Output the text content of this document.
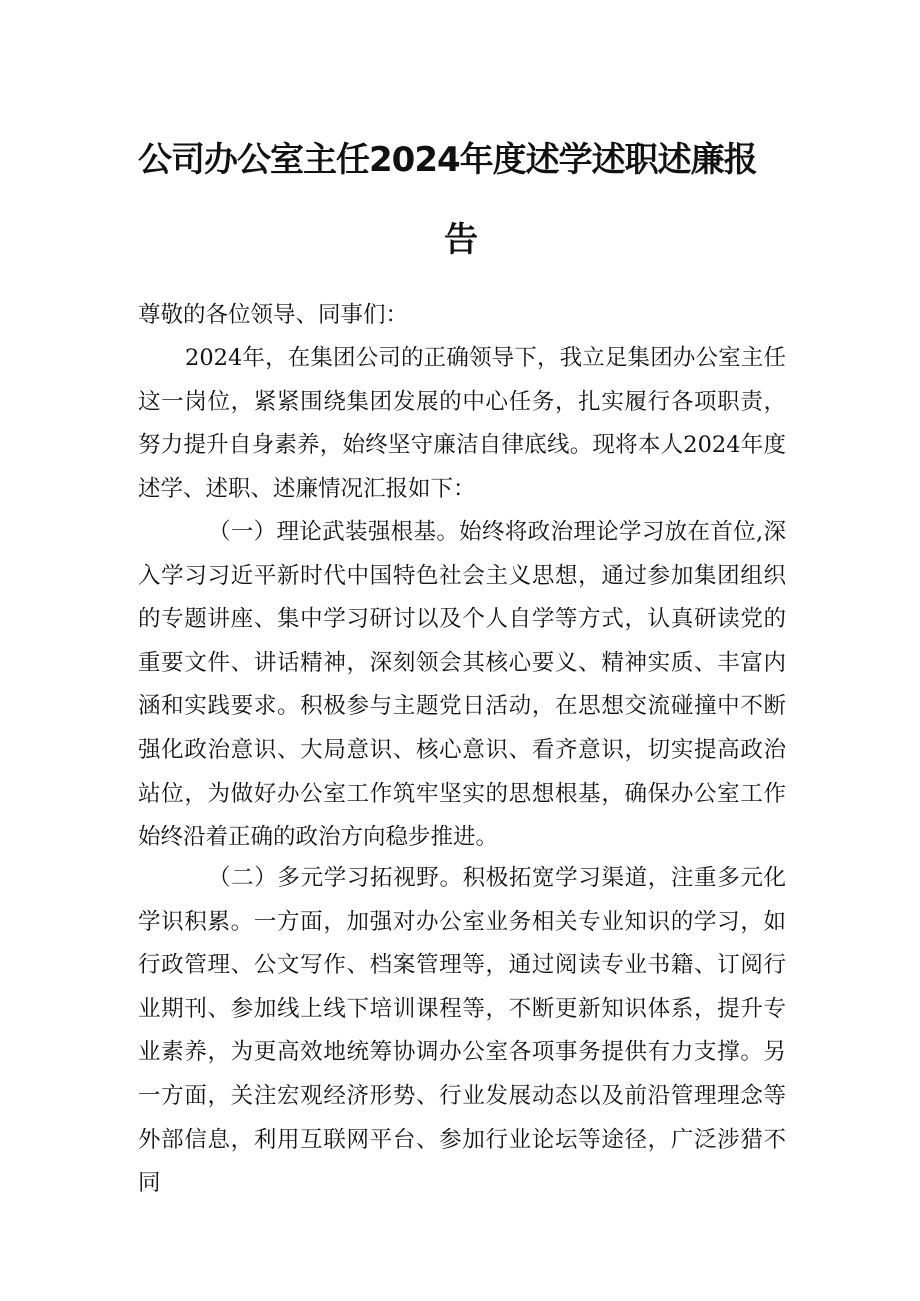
公司办公室主任2024年度述学述职述廉报
告
尊敬的各位领导、同事们：
2024年，在集团公司的正确领导下，我立足集团办公室主任这一岗位，紧紧围绕集团发展的中心任务，扎实履行各项职责，努力提升自身素养，始终坚守廉洁自律底线。现将本人2024年度述学、述职、述廉情况汇报如下：
（一）理论武装强根基。始终将政治理论学习放在首位,深入学习习近平新时代中国特色社会主义思想，通过参加集团组织的专题讲座、集中学习研讨以及个人自学等方式，认真研读党的重要文件、讲话精神，深刻领会其核心要义、精神实质、丰富内涵和实践要求。积极参与主题党日活动，在思想交流碰撞中不断强化政治意识、大局意识、核心意识、看齐意识，切实提高政治站位，为做好办公室工作筑牢坚实的思想根基，确保办公室工作始终沿着正确的政治方向稳步推进。
（二）多元学习拓视野。积极拓宽学习渠道，注重多元化学识积累。一方面，加强对办公室业务相关专业知识的学习，如行政管理、公文写作、档案管理等，通过阅读专业书籍、订阅行业期刊、参加线上线下培训课程等，不断更新知识体系，提升专业素养，为更高效地统筹协调办公室各项事务提供有力支撑。另一方面，关注宏观经济形势、行业发展动态以及前沿管理理念等外部信息，利用互联网平台、参加行业论坛等途径，广泛涉猎不同
